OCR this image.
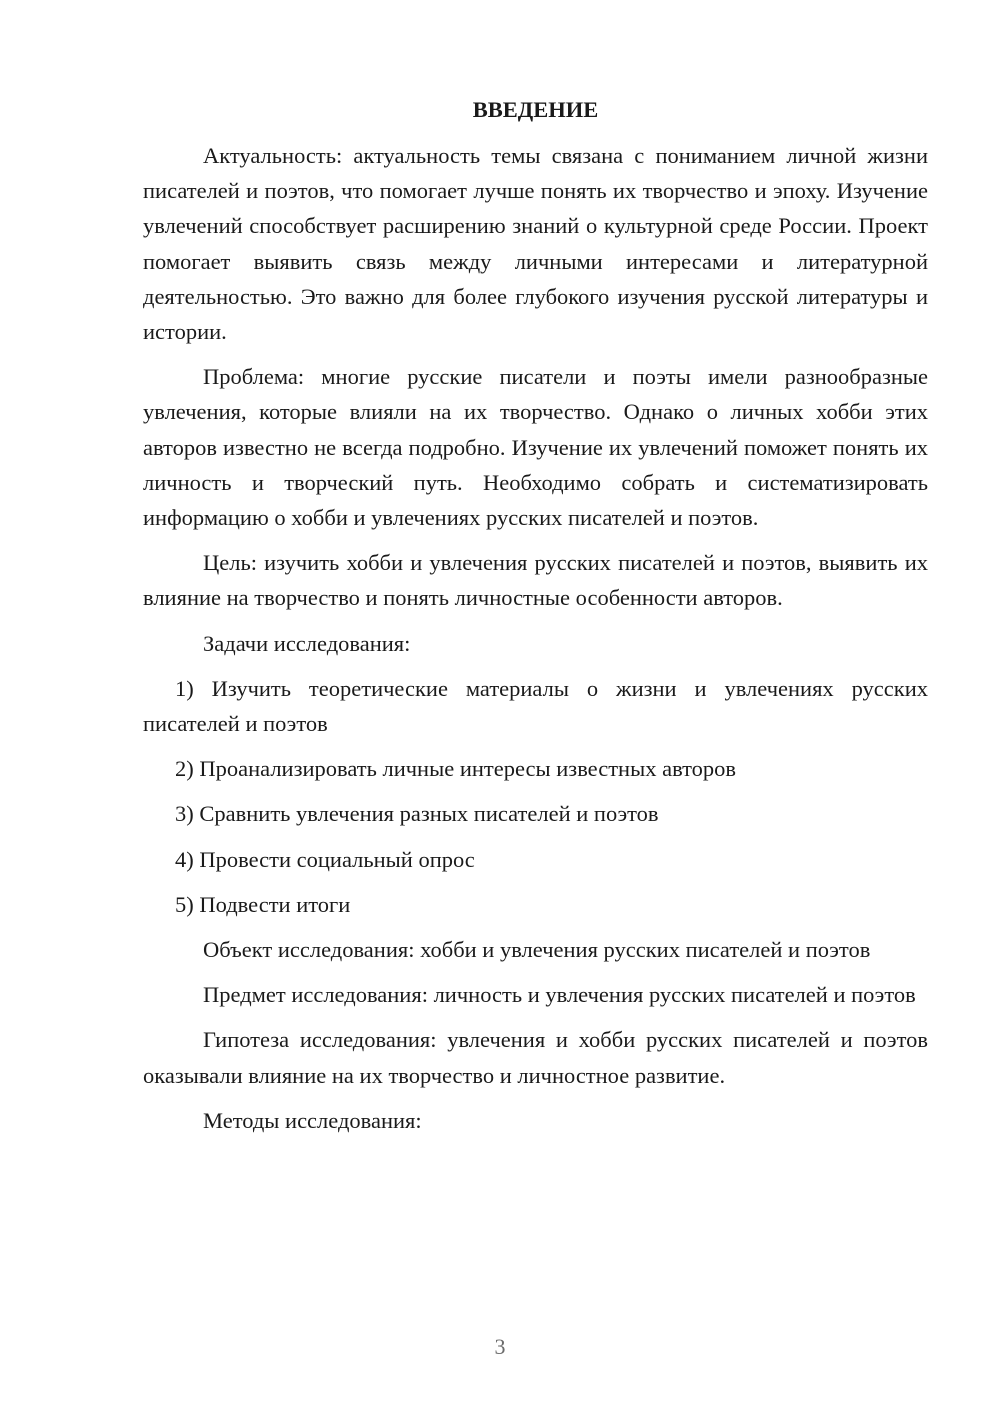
ВВЕДЕНИЕ

Актуальность: актуальность темы связана с пониманием личной жизни писателей и поэтов, что помогает лучше понять их творчество и эпоху. Изучение увлечений способствует расширению знаний о культурной среде России. Проект помогает выявить связь между личными интересами и литературной деятельностью. Это важно для более глубокого изучения русской литературы и истории.

Проблема: многие русские писатели и поэты имели разнообразные увлечения, которые влияли на их творчество. Однако о личных хобби этих авторов известно не всегда подробно. Изучение их увлечений поможет понять их личность и творческий путь. Необходимо собрать и систематизировать информацию о хобби и увлечениях русских писателей и поэтов.

Цель: изучить хобби и увлечения русских писателей и поэтов, выявить их влияние на творчество и понять личностные особенности авторов.

Задачи исследования:

1) Изучить теоретические материалы о жизни и увлечениях русских писателей и поэтов

2) Проанализировать личные интересы известных авторов

3) Сравнить увлечения разных писателей и поэтов

4) Провести социальный опрос

5) Подвести итоги

Объект исследования: хобби и увлечения русских писателей и поэтов

Предмет исследования: личность и увлечения русских писателей и поэтов

Гипотеза исследования: увлечения и хобби русских писателей и поэтов оказывали влияние на их творчество и личностное развитие.

Методы исследования:

3
